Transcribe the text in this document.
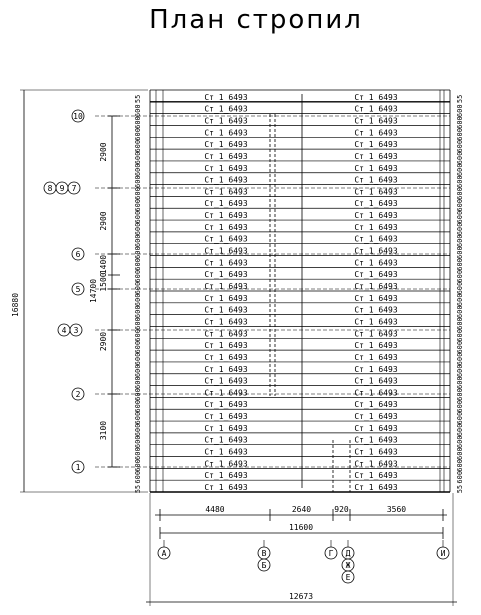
План стропил
Ст_1_6493	Ст_1_6493
55	55
Ст_1_6493	Ст_1_6493
600	600
Ст_1_6493	Ст_1_6493
600	600
Ст_1_6493	Ст_1_6493
600	600
Ст_1_6493	Ст_1_6493
600	600
Ст_1_6493	Ст_1_6493
600	600
Ст_1_6493	Ст_1_6493
600	600
Ст_1_6493	Ст_1_6493
600	600
Ст_1_6493	Ст_1_6493
600	600
Ст_1_6493	Ст_1_6493
600	600
Ст_1_6493	Ст_1_6493
600	600
Ст_1_6493	Ст_1_6493
600	600
Ст_1_6493	Ст_1_6493
600	600
Ст_1_6493	Ст_1_6493
600	600
Ст_1_6493	Ст_1_6493
600	600
Ст_1_6493	Ст_1_6493
600	600
Ст_1_6493	Ст_1_6493
600	600
Ст_1_6493	Ст_1_6493
600	600
Ст_1_6493	Ст_1_6493
600	600
Ст_1_6493	Ст_1_6493
600	600
Ст_1_6493	Ст_1_6493
600	600
Ст_1_6493	Ст_1_6493
600	600
Ст_1_6493	Ст_1_6493
600	600
Ст_1_6493	Ст_1_6493
600	600
Ст_1_6493	Ст_1_6493
600	600
Ст_1_6493	Ст_1_6493
600	600
Ст_1_6493	Ст_1_6493
600	600
Ст_1_6493	Ст_1_6493
600	600
Ст_1_6493	Ст_1_6493
600	600
Ст_1_6493	Ст_1_6493
600	600
Ст_1_6493	Ст_1_6493
600	600
Ст_1_6493	Ст_1_6493
600	600
Ст_1_6493	Ст_1_6493
600	600
Ст_1_6493	Ст_1_6493
55	55
2900
2900
1400
1500
2900
3100
14700
16880
4480	2640	920	3560
11600
12673
10
8 9 7
6
5
4 3
2
1
А	В
Б
Г Д
Ж
Е
И
